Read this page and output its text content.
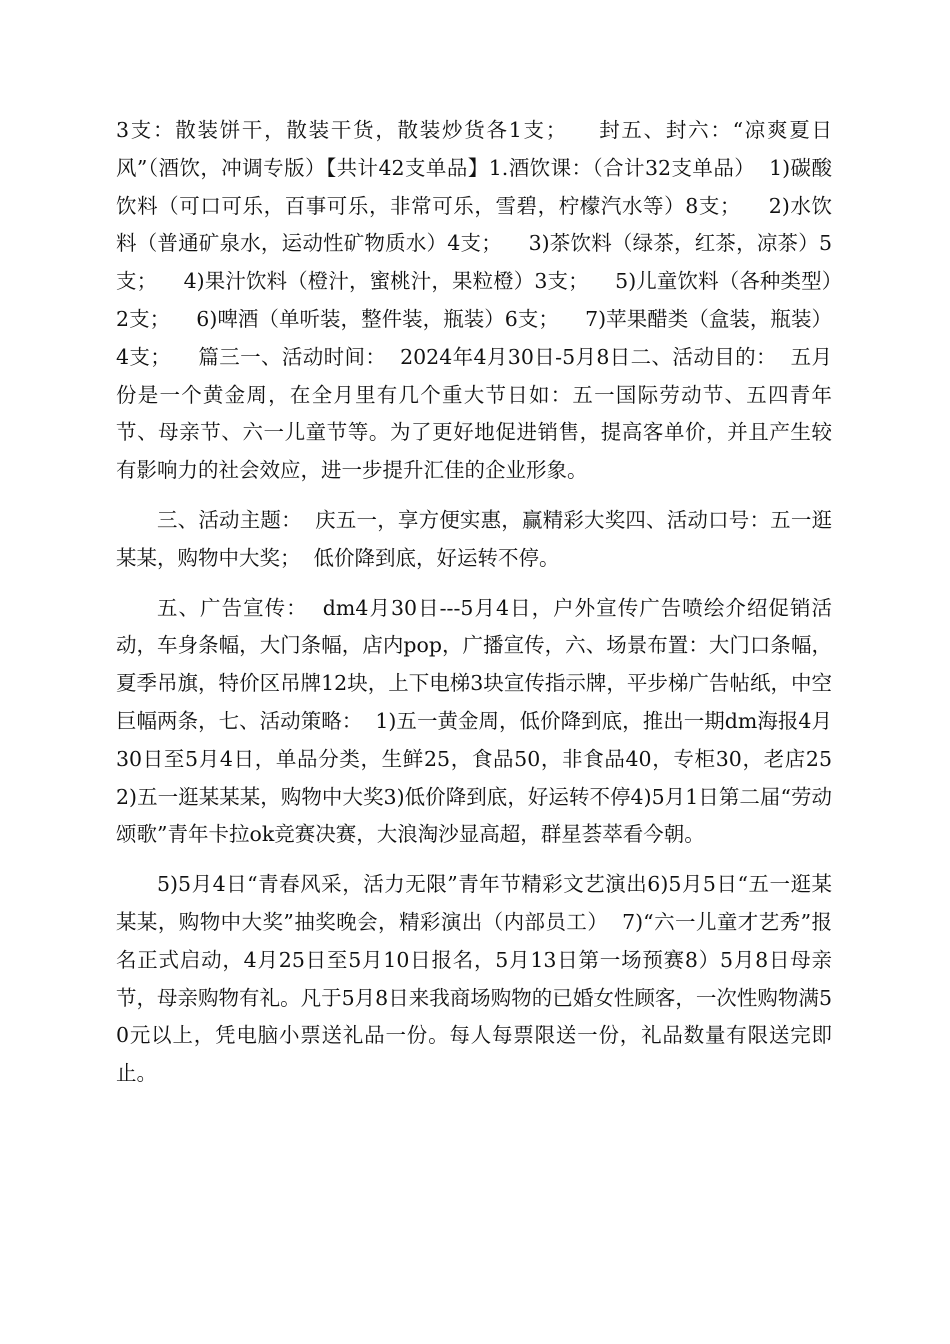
3支：散装饼干，散装干货，散装炒货各1支；    封五、封六：“凉爽夏日风”（酒饮，冲调专版）【共计42支单品】1.酒饮课：（合计32支单品）  1)碳酸饮料（可口可乐，百事可乐，非常可乐，雪碧，柠檬汽水等）8支；    2)水饮料（普通矿泉水，运动性矿物质水）4支；    3)茶饮料（绿茶，红茶，凉茶）5支；    4)果汁饮料（橙汁，蜜桃汁，果粒橙）3支；    5)儿童饮料（各种类型）2支；    6)啤酒（单听装，整件装，瓶装）6支；    7)苹果醋类（盒装，瓶装）4支；    篇三一、活动时间：  2024年4月30日-5月8日二、活动目的：  五月份是一个黄金周，在全月里有几个重大节日如：五一国际劳动节、五四青年节、母亲节、六一儿童节等。为了更好地促进销售，提高客单价，并且产生较有影响力的社会效应，进一步提升汇佳的企业形象。

三、活动主题：  庆五一，享方便实惠，赢精彩大奖四、活动口号：五一逛某某，购物中大奖；  低价降到底，好运转不停。

五、广告宣传：  dm4月30日---5月4日，户外宣传广告喷绘介绍促销活动，车身条幅，大门条幅，店内pop，广播宣传，六、场景布置：大门口条幅，夏季吊旗，特价区吊牌12块，上下电梯3块宣传指示牌，平步梯广告帖纸，中空巨幅两条，七、活动策略：  1)五一黄金周，低价降到底，推出一期dm海报4月30日至5月4日，单品分类，生鲜25，食品50，非食品40，专柜30，老店252)五一逛某某某，购物中大奖3)低价降到底，好运转不停4)5月1日第二届“劳动颂歌”青年卡拉ok竞赛决赛，大浪淘沙显高超，群星荟萃看今朝。

5)5月4日“青春风采，活力无限”青年节精彩文艺演出6)5月5日“五一逛某某某，购物中大奖”抽奖晚会，精彩演出（内部员工）  7)“六一儿童才艺秀”报名正式启动，4月25日至5月10日报名，5月13日第一场预赛8）5月8日母亲节，母亲购物有礼。凡于5月8日来我商场购物的已婚女性顾客，一次性购物满50元以上，凭电脑小票送礼品一份。每人每票限送一份，礼品数量有限送完即止。
